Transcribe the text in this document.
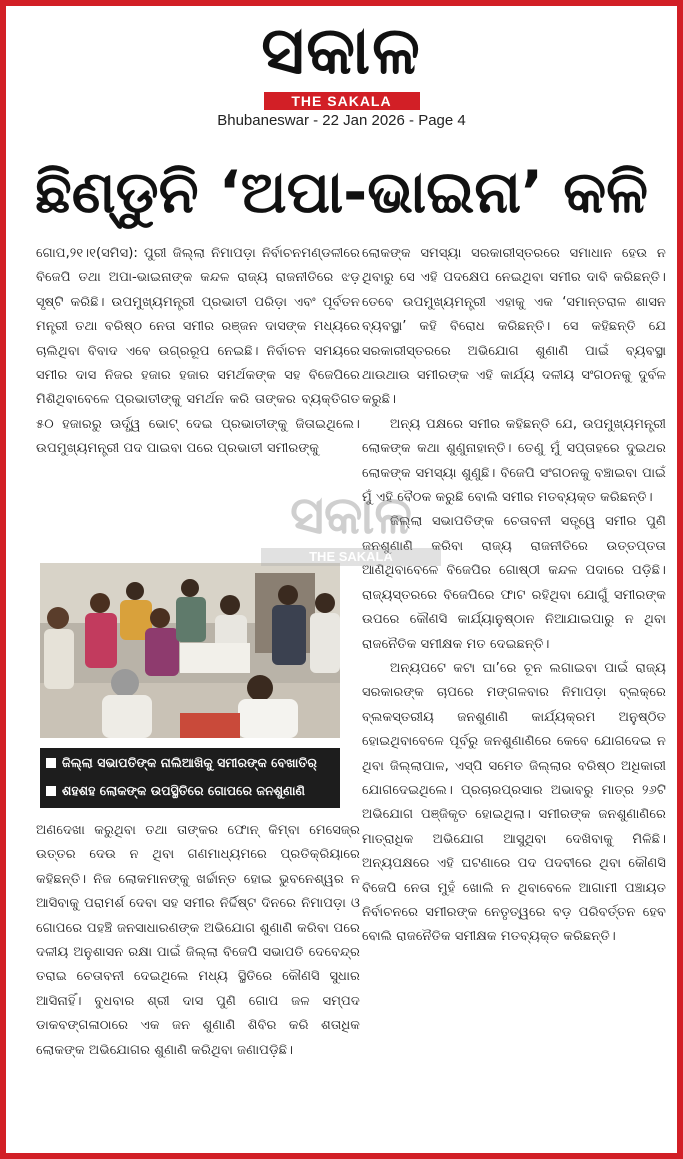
ସକାଳ
THE SAKALA
Bhubaneswar - 22 Jan 2026 - Page 4
ଛିଣ୍ଡୁନି ‘ଅପା-ଭାଇନା’ କଳି

ଗୋପ,୨୧।୧(ସମିସ): ପୁରୀ ଜିଲ୍ଲା ନିମାପଡ଼ା ନିର୍ବାଚନମଣ୍ଡଳୀରେ ବିଜେପି ତଥା ଅପା-ଭାଇନାଙ୍କ କନ୍ଦଳ ରାଜ୍ୟ ରାଜନୀତିରେ ଝଡ଼ ସୃଷ୍ଟି କରିଛି। ଉପମୁଖ୍ୟମନ୍ତ୍ରୀ ପ୍ରଭାତୀ ପରିଡ଼ା ଏବଂ ପୂର୍ବତନ ମନ୍ତ୍ରୀ ତଥା ବରିଷ୍ଠ ନେତା ସମୀର ରଞ୍ଜନ ଦାସଙ୍କ ମଧ୍ୟରେ ଚାଲିଥିବା ବିବାଦ ଏବେ ଉଗ୍ରରୂପ ନେଇଛି। ନିର୍ବାଚନ ସମୟରେ ସମୀର ଦାସ ନିଜର ହଜାର ହଜାର ସମର୍ଥକଙ୍କ ସହ ବିଜେପିରେ ମିଶିଥିବାବେଳେ ପ୍ରଭାତୀଙ୍କୁ ସମର୍ଥନ କରି ତାଙ୍କର ବ୍ୟକ୍ତିଗତ ୫୦ ହଜାରରୁ ଊର୍ଦ୍ଧ୍ୱ ଭୋଟ୍ ଦେଇ ପ୍ରଭାତୀଙ୍କୁ ଜିତାଇଥିଲେ। ଉପମୁଖ୍ୟମନ୍ତ୍ରୀ ପଦ ପାଇବା ପରେ ପ୍ରଭାତୀ ସମୀରଙ୍କୁ

ଜିଲ୍ଲା ସଭାପତିଙ୍କ ନାଲିଆଖିକୁ ସମୀରଙ୍କ ବେଖାତିର୍
ଶହଶହ ଲୋକଙ୍କ ଉପସ୍ଥିତିରେ ଗୋପରେ ଜନଶୁଣାଣି

ଅଣଦେଖା କରୁଥିବା ତଥା ତାଙ୍କର ଫୋନ୍ କିମ୍ବା ମେସେଜ୍‌ର ଉତ୍ତର ଦେଉ ନ ଥିବା ଗଣମାଧ୍ୟମରେ ପ୍ରତିକ୍ରିୟାରେ କହିଛନ୍ତି। ନିଜ ଲୋକମାନଙ୍କୁ ଖର୍ଚ୍ଚାନ୍ତ ହୋଇ ଭୁବନେଶ୍ୱର ନ ଆସିବାକୁ ପରାମର୍ଶ ଦେବା ସହ ସମୀର ନିର୍ଦ୍ଦିଷ୍ଟ ଦିନରେ ନିମାପଡ଼ା ଓ ଗୋପରେ ପହଞ୍ଚି ଜନସାଧାରଣଙ୍କ ଅଭିଯୋଗ ଶୁଣାଣି କରିବା ପରେ ଦଳୀୟ ଅନୁଶାସନ ରକ୍ଷା ପାଇଁ ଜିଲ୍ଲା ବିଜେପି ସଭାପତି ଦେବେନ୍ଦ୍ର ତରାଇ ଚେତାବନୀ ଦେଇଥିଲେ ମଧ୍ୟ ସ୍ଥିତିରେ କୌଣସି ସୁଧାର ଆସିନାହିଁ। ବୁଧବାର ଶ୍ରୀ ଦାସ ପୁଣି ଗୋପ ଜଳ ସମ୍ପଦ ଡାକବଙ୍ଗଳାଠାରେ ଏକ ଜନ ଶୁଣାଣି ଶିବିର କରି ଶତାଧିକ ଲୋକଙ୍କ ଅଭିଯୋଗର ଶୁଣାଣି କରିଥିବା ଜଣାପଡ଼ିଛି।

ଲୋକଙ୍କ ସମସ୍ୟା ସରକାରୀସ୍ତରରେ ସମାଧାନ ହେଉ ନ ଥିବାରୁ ସେ ଏହି ପଦକ୍ଷେପ ନେଇଥିବା ସମୀର ଦାବି କରିଛନ୍ତି। ତେବେ ଉପମୁଖ୍ୟମନ୍ତ୍ରୀ ଏହାକୁ ଏକ ‘ସମାନ୍ତରାଳ ଶାସନ ବ୍ୟବସ୍ଥା’ କହି ବିରୋଧ କରିଛନ୍ତି। ସେ କହିଛନ୍ତି ଯେ ସରକାରୀସ୍ତରରେ ଅଭିଯୋଗ ଶୁଣାଣି ପାଇଁ ବ୍ୟବସ୍ଥା ଥାଉଥାଉ ସମୀରଙ୍କ ଏହି କାର୍ଯ୍ୟ ଦଳୀୟ ସଂଗଠନକୁ ଦୁର୍ବଳ କରୁଛି।

ଅନ୍ୟ ପକ୍ଷରେ ସମୀର କହିଛନ୍ତି ଯେ, ଉପମୁଖ୍ୟମନ୍ତ୍ରୀ ଲୋକଙ୍କ କଥା ଶୁଣୁନାହାନ୍ତି। ତେଣୁ ମୁଁ ସପ୍ତାହରେ ଦୁଇଥର ଲୋକଙ୍କ ସମସ୍ୟା ଶୁଣୁଛି। ବିଜେପି ସଂଗଠନକୁ ବଞ୍ଚାଇବା ପାଇଁ ମୁଁ ଏହି ବୈଠକ କରୁଛି ବୋଲି ସମୀର ମତବ୍ୟକ୍ତ କରିଛନ୍ତି।

ଜିଲ୍ଲା ସଭାପତିଙ୍କ ଚେତାବନୀ ସତ୍ତ୍ୱେ ସମୀର ପୁଣି ଜନଶୁଣାଣି କରିବା ରାଜ୍ୟ ରାଜନୀତିରେ ଉତ୍ତପ୍ତତା ଆଣିଥିବାବେଳେ ବିଜେପିର ଗୋଷ୍ଠୀ କନ୍ଦଳ ପଦାରେ ପଡ଼ିଛି। ରାଜ୍ୟସ୍ତରରେ ବିଜେପିରେ ଫାଟ ରହିଥିବା ଯୋଗୁଁ ସମୀରଙ୍କ ଉପରେ କୌଣସି କାର୍ଯ୍ୟାନୁଷ୍ଠାନ ନିଆଯାଇପାରୁ ନ ଥିବା ରାଜନୈତିକ ସମୀକ୍ଷକ ମତ ଦେଇଛନ୍ତି।

ଅନ୍ୟପଟେ କଟା ଘା’ରେ ଚୂନ ଲଗାଇବା ପାଇଁ ରାଜ୍ୟ ସରକାରଙ୍କ ଚାପରେ ମଙ୍ଗଳବାର ନିମାପଡ଼ା ବ୍ଲକ୍‌ରେ ବ୍ଲକସ୍ତରୀୟ ଜନଶୁଣାଣି କାର୍ଯ୍ୟକ୍ରମ ଅନୁଷ୍ଠିତ ହୋଇଥିବାବେଳେ ପୂର୍ବରୁ ଜନଶୁଣାଣିରେ କେବେ ଯୋଗଦେଇ ନ ଥିବା ଜିଲ୍ଲାପାଳ, ଏସ୍‌ପି ସମେତ ଜିଲ୍ଲାର ବରିଷ୍ଠ ଅଧିକାରୀ ଯୋଗଦେଇଥିଲେ। ପ୍ରଚାରପ୍ରସାର ଅଭାବରୁ ମାତ୍ର ୨୬ଟି ଅଭିଯୋଗ ପଞ୍ଜିକୃତ ହୋଇଥିଲା। ସମୀରଙ୍କ ଜନଶୁଣାଣିରେ ମାତ୍ରାଧିକ ଅଭିଯୋଗ ଆସୁଥିବା ଦେଖିବାକୁ ମିଳିଛି। ଅନ୍ୟପକ୍ଷରେ ଏହି ଘଟଣାରେ ପଦ ପଦବୀରେ ଥିବା କୌଣସି ବିଜେପି ନେତା ମୁହଁ ଖୋଲି ନ ଥିବାବେଳେ ଆଗାମୀ ପଞ୍ଚାୟତ ନିର୍ବାଚନରେ ସମୀରଙ୍କ ନେତୃତ୍ୱରେ ବଡ଼ ପରିବର୍ତ୍ତନ ହେବ ବୋଲି ରାଜନୈତିକ ସମୀକ୍ଷକ ମତବ୍ୟକ୍ତ କରିଛନ୍ତି।

ସକାଳ
THE SAKALA
